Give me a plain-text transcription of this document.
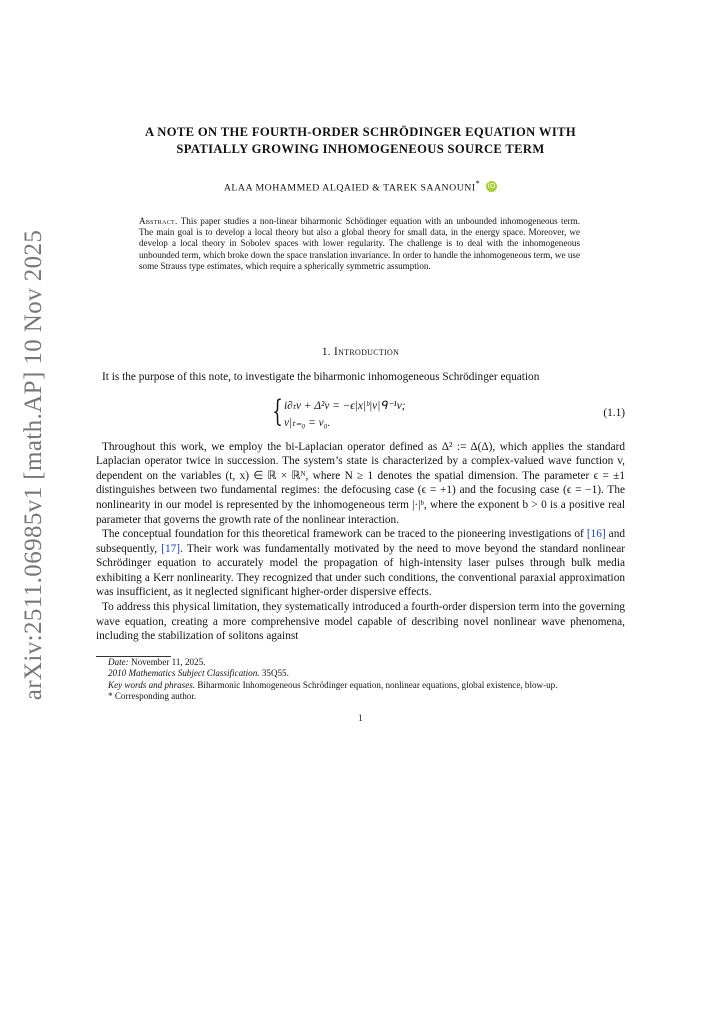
arXiv:2511.06985v1 [math.AP] 10 Nov 2025
A NOTE ON THE FOURTH-ORDER SCHRÖDINGER EQUATION WITH
SPATIALLY GROWING INHOMOGENEOUS SOURCE TERM
ALAA MOHAMMED ALQAIED & TAREK SAANOUNI* iD
Abstract. This paper studies a non-linear biharmonic Schödinger equation with an unbounded inhomogeneous term. The main goal is to develop a local theory but also a global theory for small data, in the energy space. Moreover, we develop a local theory in Sobolev spaces with lower regularity. The challenge is to deal with the inhomogeneous unbounded term, which broke down the space translation invariance. In order to handle the inhomogeneous term, we use some Strauss type estimates, which require a spherically symmetric assumption.
1. Introduction

It is the purpose of this note, to investigate the biharmonic inhomogeneous Schrödinger equation

{ i∂ₜv + Δ²v = −ϵ|x|ᵇ|v|ᑫ⁻¹v;
v|ₜ₌₀ = v₀.
(1.1)

Throughout this work, we employ the bi-Laplacian operator defined as Δ² := Δ(Δ), which applies the standard Laplacian operator twice in succession. The system’s state is characterized by a complex-valued wave function v, dependent on the variables (t, x) ∈ ℝ × ℝᴺ, where N ≥ 1 denotes the spatial dimension. The parameter ϵ = ±1 distinguishes between two fundamental regimes: the defocusing case (ϵ = +1) and the focusing case (ϵ = −1). The nonlinearity in our model is represented by the inhomogeneous term |·|ᵇ, where the exponent b > 0 is a positive real parameter that governs the growth rate of the nonlinear interaction.

The conceptual foundation for this theoretical framework can be traced to the pioneering investigations of [16] and subsequently, [17]. Their work was fundamentally motivated by the need to move beyond the standard nonlinear Schrödinger equation to accurately model the propagation of high-intensity laser pulses through bulk media exhibiting a Kerr nonlinearity. They recognized that under such conditions, the conventional paraxial approximation was insufficient, as it neglected significant higher-order dispersive effects.

To address this physical limitation, they systematically introduced a fourth-order dispersion term into the governing wave equation, creating a more comprehensive model capable of describing novel nonlinear wave phenomena, including the stabilization of solitons against

Date: November 11, 2025.

2010 Mathematics Subject Classification. 35Q55.

Key words and phrases. Biharmonic Inhomogeneous Schrödinger equation, nonlinear equations, global existence, blow-up.

* Corresponding author.

1
